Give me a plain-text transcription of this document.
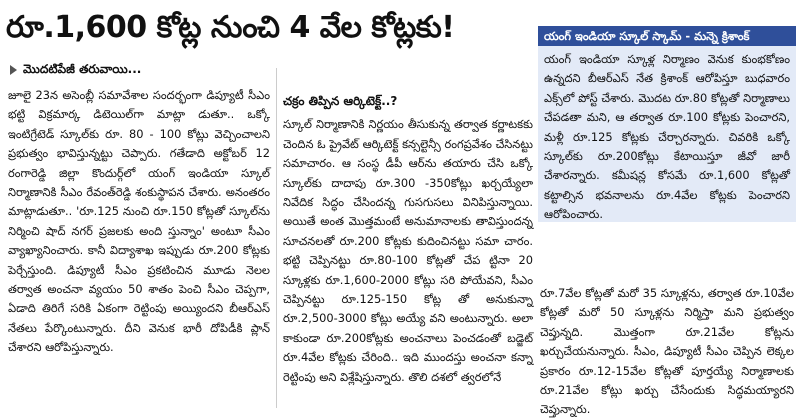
రూ.1,600 కోట్ల నుంచి 4 వేల కోట్లకు!
మొదటిపేజీ తరువాయి...

జూలై 23న అసెంబ్లీ సమావేశాల సందర్భంగా డిప్యూటీ సీఎం భట్టి విక్రమార్క డిటెయిల్‌గా మాట్లా డుతూ.. ఒక్కో ఇంటిగ్రేటెడ్ స్కూల్‌కు రూ. 80 - 100 కోట్లు వెచ్చించాలని ప్రభుత్వం భావిస్తున్నట్టు చెప్పారు. గతేడాది అక్టోబర్ 12 రంగారెడ్డి జిల్లా కొందుర్గ్‌లో యంగ్ ఇండియా స్కూల్ నిర్మాణానికి సీఎం రేవంత్‌రెడ్డి శంకుస్థాపన చేశారు. అనంతరం మాట్లాడుతూ.. 'రూ.125 నుంచి రూ.150 కోట్లతో స్కూల్‌ను నిర్మించి షాద్ నగర్ ప్రజలకు అంది స్తున్నాం' అంటూ సీఎం వ్యాఖ్యానించారు. కానీ విద్యాశాఖ ఇప్పుడు రూ.200 కోట్లకు పెర్చేస్తుంది. డిప్యూటీ సీఎం ప్రకటించిన మూడు నెలల తర్వాత అంచనా వ్యయం 50 శాతం పెంచి సీఎం చెప్పగా, ఏడాది తిరిగే సరికి ఏకంగా రెట్టింపు అయ్యిందని బీఆర్ఎస్ నేతలు పేర్కొంటున్నారు. దీని వెనుక భారీ దోపిడీకి ప్లాన్ చేశారని ఆరోపిస్తున్నారు.

చక్రం తిప్పిన ఆర్కిటెక్ట్..?

స్కూల్ నిర్మాణానికి నిర్ణయం తీసుకున్న తర్వాత కర్ణాటకకు చెందిన ఓ ప్రైవేట్ ఆర్కిటెక్ట్ కన్సల్టెన్సీ రంగప్రవేశం చేసినట్టు సమాచారం. ఆ సంస్థ డీపీ ఆర్‌ను తయారు చేసి ఒక్కో స్కూల్‌కు దాదాపు రూ.300 -350కోట్లు ఖర్చయ్యేలా నివేదిక సిద్ధం చేసిందన్న గుసగుసలు వినిపిస్తున్నాయి. అయితే అంత మొత్తమంటే అనుమానాలకు తావిస్తుందన్న సూచనలతో రూ.200 కోట్లకు కుదించినట్టు సమా చారం. భట్టి చెప్పినట్టు రూ.80-100 కోట్లతో చేప ట్టినా 20 స్కూళ్లకు రూ.1,600-2000 కోట్లు సరి పోయేవని, సీఎం చెప్పినట్టు రూ.125-150 కోట్ల తో అనుకున్నా రూ.2,500-3000 కోట్లు అయ్యే వని అంటున్నారు. అలా కాకుండా రూ.200కోట్లకు అంచనాలు పెంచడంతో బడ్జెట్ రూ.4వేల కోట్లకు చేరింది.. ఇది ముందస్తు అంచనా కన్నా రెట్టింపు అని విశ్లేషిస్తున్నారు. తొలి దశలో త్వరలోనే

యంగ్ ఇండియా స్కూల్ స్కామ్ - మన్నె క్రిశాంక్
యంగ్ ఇండియా స్కూళ్ల నిర్మాణం వెనుక కుంభకోణం ఉన్నదని బీఆర్ఎస్ నేత క్రిశాంక్ ఆరోపిస్తూ బుధవారం ఎక్స్‌లో పోస్ట్ చేశారు. మొదట రూ.80 కోట్లతో నిర్మాణాలు చేపడతా మని, ఆ తర్వాత రూ.100 కోట్లకు పెంచారని, మళ్లీ రూ.125 కోట్లకు చేర్చారన్నారు. చివరికి ఒక్కో స్కూల్‌కు రూ.200కోట్లు కేటాయిస్తూ జీవో జారీ చేశారన్నారు. కమీషన్ల కోసమే రూ.1,600 కోట్లతో కట్టాల్సిన భవనాలను రూ.4వేల కోట్లకు పెంచారని ఆరోపించారు.

రూ.7వేల కోట్లతో మరో 35 స్కూళ్లను, తర్వాత రూ.10వేల కోట్లతో మరో 50 స్కూళ్లను నిర్మిస్తా మని ప్రభుత్వం చెప్తున్నది. మొత్తంగా రూ.21వేల కోట్లను ఖర్చుచేయనున్నారు. సీఎం, డిప్యూటీ సీఎం చెప్పిన లెక్కల ప్రకారం రూ.12-15వేల కోట్లతో పూర్తయ్యే నిర్మాణాలకు రూ.21వేల కోట్లు ఖర్చు చేసేందుకు సిద్ధమయ్యారని చెప్తున్నారు.
